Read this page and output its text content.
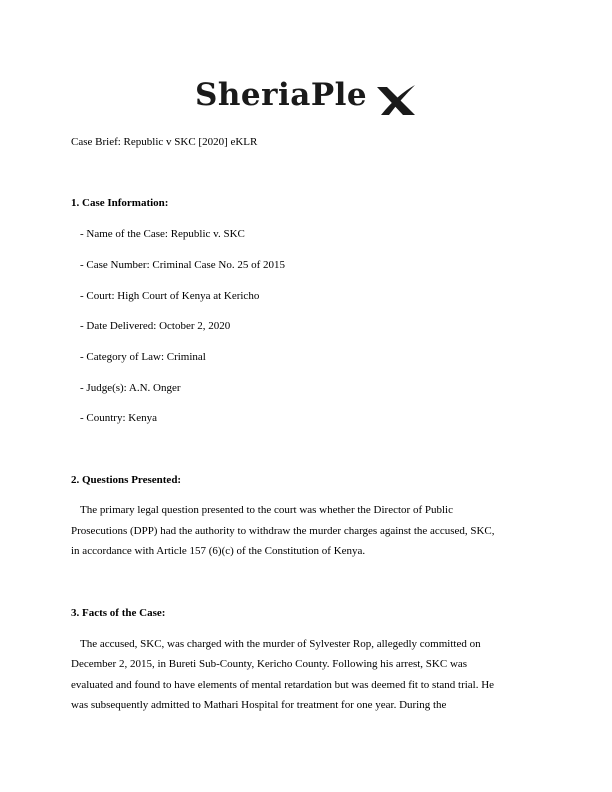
SheriaPle
Case Brief: Republic v SKC [2020] eKLR
1. Case Information:
- Name of the Case: Republic v. SKC
- Case Number: Criminal Case No. 25 of 2015
- Court: High Court of Kenya at Kericho
- Date Delivered: October 2, 2020
- Category of Law: Criminal
- Judge(s): A.N. Onger
- Country: Kenya
2. Questions Presented:
The primary legal question presented to the court was whether the Director of Public
Prosecutions (DPP) had the authority to withdraw the murder charges against the accused, SKC,
in accordance with Article 157 (6)(c) of the Constitution of Kenya.
3. Facts of the Case:
The accused, SKC, was charged with the murder of Sylvester Rop, allegedly committed on
December 2, 2015, in Bureti Sub-County, Kericho County. Following his arrest, SKC was
evaluated and found to have elements of mental retardation but was deemed fit to stand trial. He
was subsequently admitted to Mathari Hospital for treatment for one year. During the
